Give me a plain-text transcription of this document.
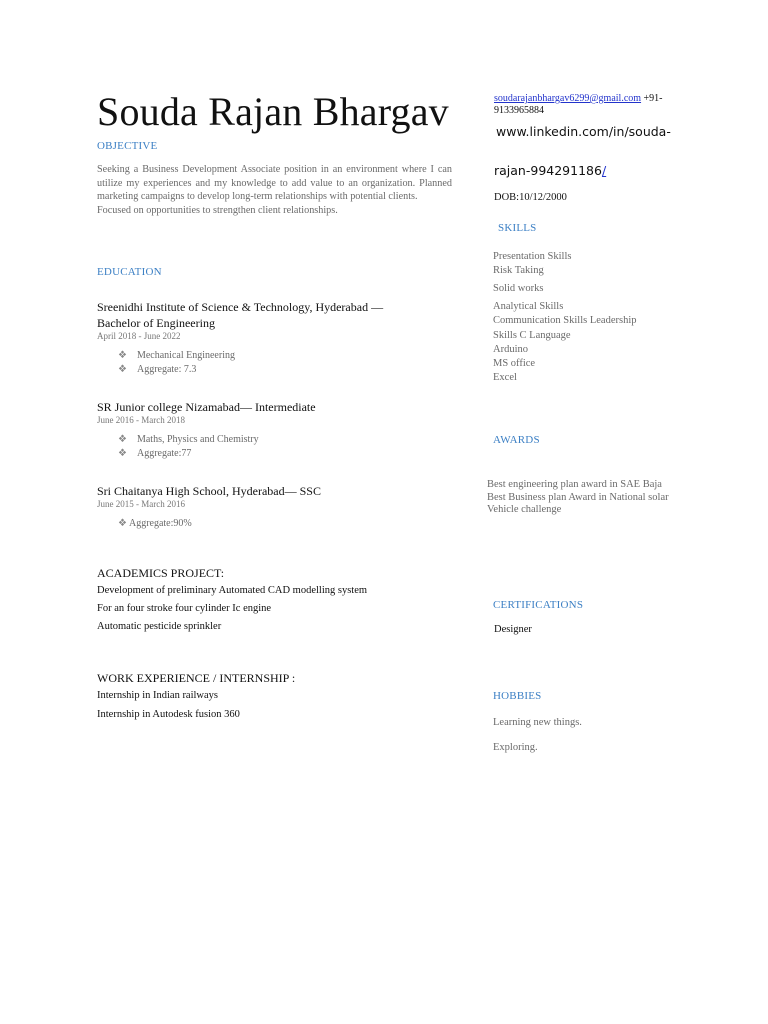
Souda Rajan Bhargav	soudarajanbhargav6299@gmail.com +91-
9133965884
www.linkedin.com/in/souda-
rajan-994291186/
DOB:10/12/2000
OBJECTIVE
Seeking a Business Development Associate position in an environment where I can utilize my experiences and my knowledge to add value to an organization. Planned marketing campaigns to develop long-term relationships with potential clients.
Focused on opportunities to strengthen client relationships.
EDUCATION
Sreenidhi Institute of Science & Technology, Hyderabad —
Bachelor of Engineering
April 2018 - June 2022
❖ Mechanical Engineering
❖ Aggregate: 7.3
SR Junior college Nizamabad— Intermediate
June 2016 - March 2018
❖ Maths, Physics and Chemistry
❖ Aggregate:77
Sri Chaitanya High School, Hyderabad— SSC
June 2015 - March 2016
❖ Aggregate:90%
ACADEMICS PROJECT:
Development of preliminary Automated CAD modelling system
For an four stroke four cylinder Ic engine
Automatic pesticide sprinkler
WORK EXPERIENCE / INTERNSHIP :
Internship in Indian railways
Internship in Autodesk fusion 360
SKILLS
Presentation Skills
Risk Taking
Solid works
Analytical Skills
Communication Skills Leadership
Skills C Language
Arduino
MS office
Excel
AWARDS
Best engineering plan award in SAE Baja
Best Business plan Award in National solar
Vehicle challenge
CERTIFICATIONS
Designer
HOBBIES
Learning new things.
Exploring.
